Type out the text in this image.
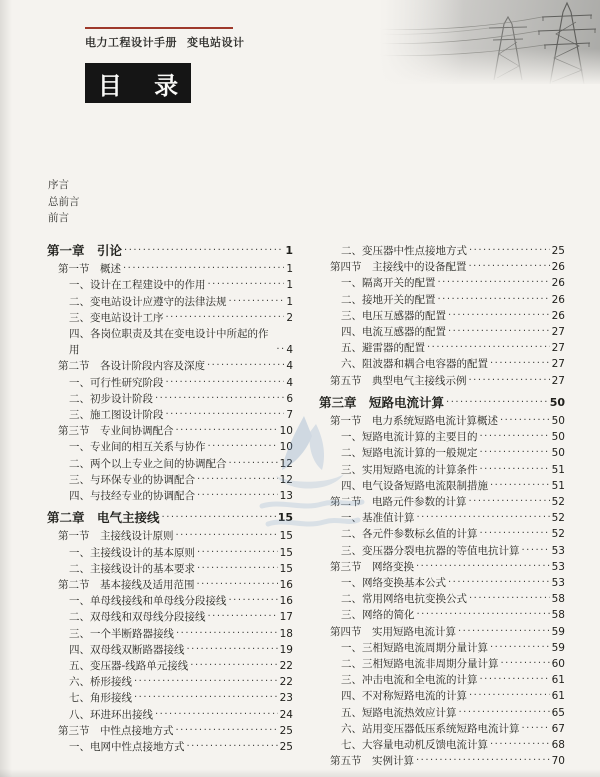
电力工程设计手册 变电站设计
目 录
序言
总前言
前言
第一章　引论 ·····	1
第一节　概述 ·····	1
一、设计在工程建设中的作用 ·····	1
二、变电站设计应遵守的法律法规 ·····	1
三、变电站设计工序 ·····	2
四、各岗位职责及其在变电设计中所起的作用 ·····	4
第二节　各设计阶段内容及深度 ·····	4
一、可行性研究阶段 ·····	4
二、初步设计阶段 ·····	6
三、施工图设计阶段 ·····	7
第三节　专业间协调配合 ·····	10
一、专业间的相互关系与协作 ·····	10
二、两个以上专业之间的协调配合 ·····	12
三、与环保专业的协调配合 ·····	12
四、与技经专业的协调配合 ·····	13
第二章　电气主接线 ·····	15
第一节　主接线设计原则 ·····	15
一、主接线设计的基本原则 ·····	15
二、主接线设计的基本要求 ·····	15
第二节　基本接线及适用范围 ·····	16
一、单母线接线和单母线分段接线 ·····	16
二、双母线和双母线分段接线 ·····	17
三、一个半断路器接线 ·····	18
四、双母线双断路器接线 ·····	19
五、变压器-线路单元接线 ·····	22
六、桥形接线 ·····	22
七、角形接线 ·····	23
八、环进环出接线 ·····	24
第三节　中性点接地方式 ·····	25
一、电网中性点接地方式 ·····	25
二、变压器中性点接地方式 ·····	25
第四节　主接线中的设备配置 ·····	26
一、隔离开关的配置 ·····	26
二、接地开关的配置 ·····	26
三、电压互感器的配置 ·····	26
四、电流互感器的配置 ·····	27
五、避雷器的配置 ·····	27
六、阻波器和耦合电容器的配置 ·····	27
第五节　典型电气主接线示例 ·····	27
第三章　短路电流计算 ·····	50
第一节　电力系统短路电流计算概述 ·····	50
一、短路电流计算的主要目的 ·····	50
二、短路电流计算的一般规定 ·····	50
三、实用短路电流的计算条件 ·····	51
四、电气设备短路电流限制措施 ·····	51
第二节　电路元件参数的计算 ·····	52
一、基准值计算 ·····	52
二、各元件参数标幺值的计算 ·····	52
三、变压器分裂电抗器的等值电抗计算 ·····	53
第三节　网络变换 ·····	53
一、网络变换基本公式 ·····	53
二、常用网络电抗变换公式 ·····	58
三、网络的简化 ·····	58
第四节　实用短路电流计算 ·····	59
一、三相短路电流周期分量计算 ·····	59
二、三相短路电流非周期分量计算 ·····	60
三、冲击电流和全电流的计算 ·····	61
四、不对称短路电流的计算 ·····	61
五、短路电流热效应计算 ·····	65
六、站用变压器低压系统短路电流计算 ·····	67
七、大容量电动机反馈电流计算 ·····	68
第五节　实例计算 ·····	70
